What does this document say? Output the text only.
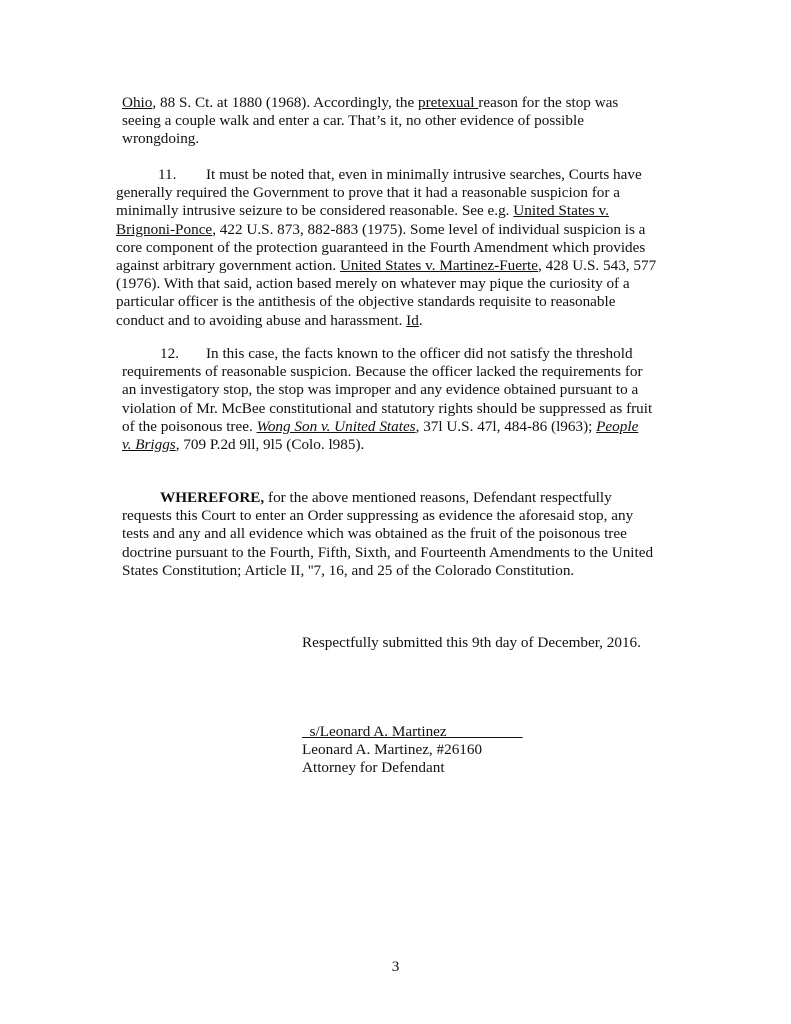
Ohio, 88 S. Ct. at 1880 (1968). Accordingly, the pretexual reason for the stop was
seeing a couple walk and enter a car. That’s it, no other evidence of possible
wrongdoing.
11. It must be noted that, even in minimally intrusive searches, Courts have
generally required the Government to prove that it had a reasonable suspicion for a
minimally intrusive seizure to be considered reasonable. See e.g. United States v.
Brignoni-Ponce, 422 U.S. 873, 882-883 (1975). Some level of individual suspicion is a
core component of the protection guaranteed in the Fourth Amendment which provides
against arbitrary government action. United States v. Martinez-Fuerte, 428 U.S. 543, 577
(1976). With that said, action based merely on whatever may pique the curiosity of a
particular officer is the antithesis of the objective standards requisite to reasonable
conduct and to avoiding abuse and harassment. Id.
12. In this case, the facts known to the officer did not satisfy the threshold
requirements of reasonable suspicion. Because the officer lacked the requirements for
an investigatory stop, the stop was improper and any evidence obtained pursuant to a
violation of Mr. McBee constitutional and statutory rights should be suppressed as fruit
of the poisonous tree. Wong Son v. United States, 37l U.S. 47l, 484-86 (l963); People
v. Briggs, 709 P.2d 9ll, 9l5 (Colo. l985).
WHEREFORE, for the above mentioned reasons, Defendant respectfully
requests this Court to enter an Order suppressing as evidence the aforesaid stop, any
tests and any and all evidence which was obtained as the fruit of the poisonous tree
doctrine pursuant to the Fourth, Fifth, Sixth, and Fourteenth Amendments to the United
States Constitution; Article II, ''7, 16, and 25 of the Colorado Constitution.
Respectfully submitted this 9th day of December, 2016.
s/Leonard A. Martinez
Leonard A. Martinez, #26160
Attorney for Defendant
3
